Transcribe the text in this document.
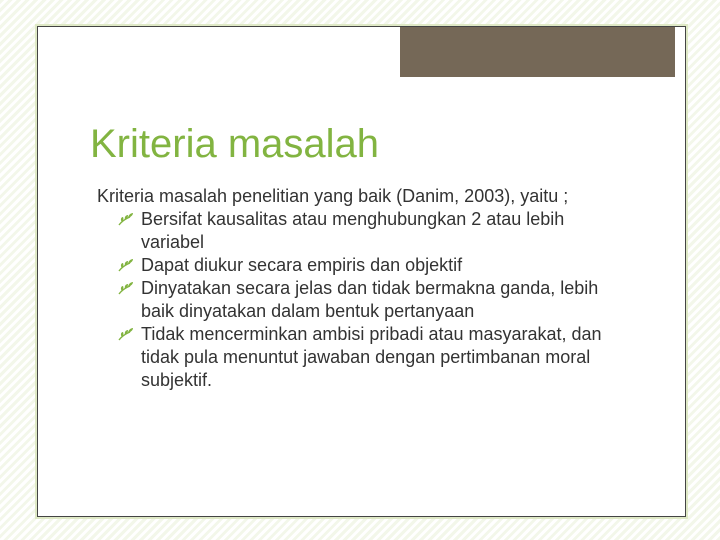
Kriteria masalah

Kriteria masalah penelitian yang baik (Danim, 2003), yaitu ;

Bersifat kausalitas atau menghubungkan 2 atau lebih variabel
Dapat diukur secara empiris dan objektif
Dinyatakan secara jelas dan tidak bermakna ganda, lebih baik dinyatakan dalam bentuk pertanyaan
Tidak mencerminkan ambisi pribadi atau masyarakat, dan tidak pula menuntut jawaban dengan pertimbanan moral subjektif.
